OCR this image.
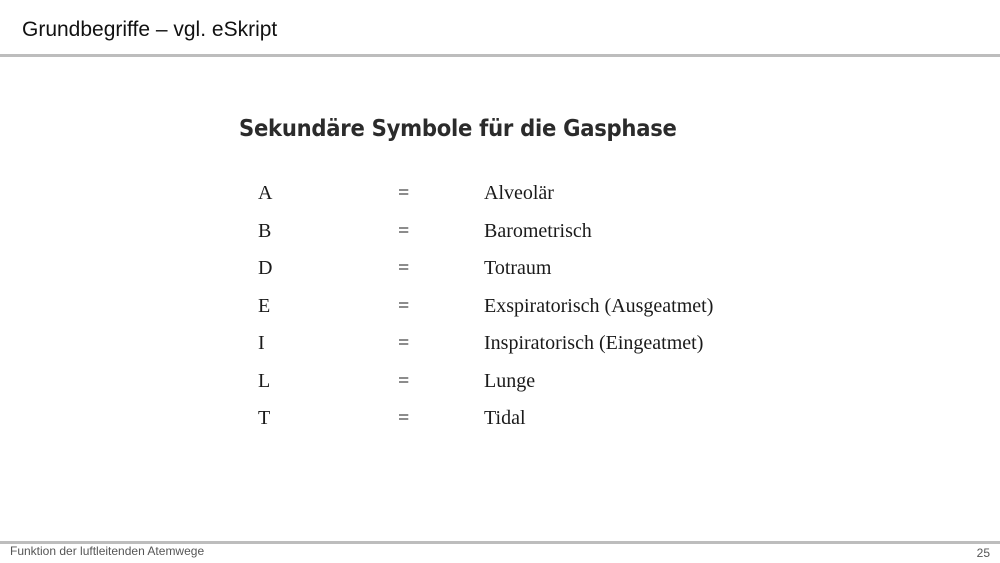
Grundbegriffe – vgl. eSkript
Sekundäre Symbole für die Gasphase
A	=	Alveolär
B	=	Barometrisch
D	=	Totraum
E	=	Exspiratorisch (Ausgeatmet)
I	=	Inspiratorisch (Eingeatmet)
L	=	Lunge
T	=	Tidal
Funktion der luftleitenden Atemwege	25
